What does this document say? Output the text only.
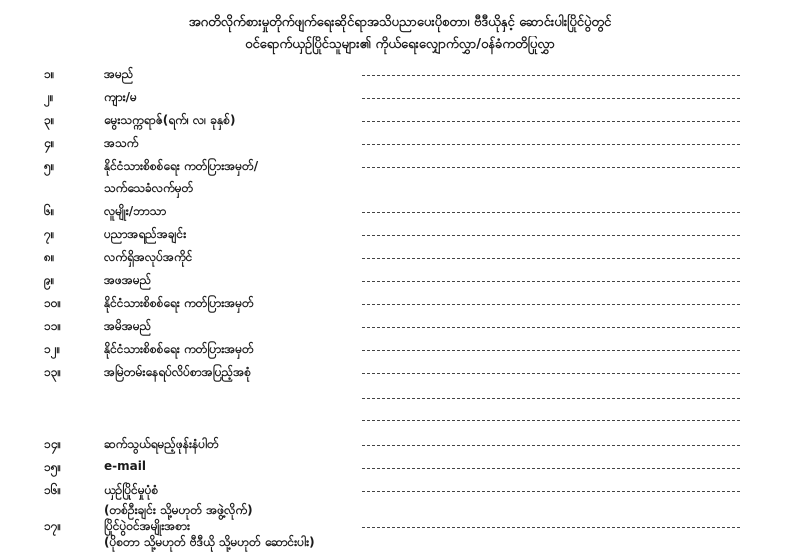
အဂတိလိုက်စားမှုတိုက်ဖျက်ရေးဆိုင်ရာအသိပညာပေးပိုစတာ၊ ဗီဒီယိုနှင့် ဆောင်းပါးပြိုင်ပွဲတွင်
ဝင်ရောက်ယှဉ်ပြိုင်သူများ၏ ကိုယ်ရေးလျှောက်လွှာ/ဝန်ခံကတိပြုလွှာ
၁။	အမည်
၂။	ကျား/မ
၃။	မွေးသက္ကရာဇ်(ရက်၊ လ၊ ခုနှစ်)
၄။	အသက်
၅။	နိုင်ငံသားစိစစ်ရေး ကတ်ပြားအမှတ်/
သက်သေခံလက်မှတ်
၆။	လူမျိုး/ဘာသာ
၇။	ပညာအရည်အချင်း
၈။	လက်ရှိအလုပ်အကိုင်
၉။	အဖအမည်
၁၀။	နိုင်ငံသားစိစစ်ရေး ကတ်ပြားအမှတ်
၁၁။	အမိအမည်
၁၂။	နိုင်ငံသားစိစစ်ရေး ကတ်ပြားအမှတ်
၁၃။	အမြဲတမ်းနေရပ်လိပ်စာအပြည့်အစုံ
၁၄။	ဆက်သွယ်ရမည့်ဖုန်းနံပါတ်
၁၅။	e-mail
၁၆။	ယှဉ်ပြိုင်မှုပုံစံ
(တစ်ဦးချင်း သို့မဟုတ် အဖွဲ့လိုက်)
၁၇။	ပြိုင်ပွဲဝင်အမျိုးအစား
(ပိုစတာ သို့မဟုတ် ဗီဒီယို သို့မဟုတ် ဆောင်းပါး)
